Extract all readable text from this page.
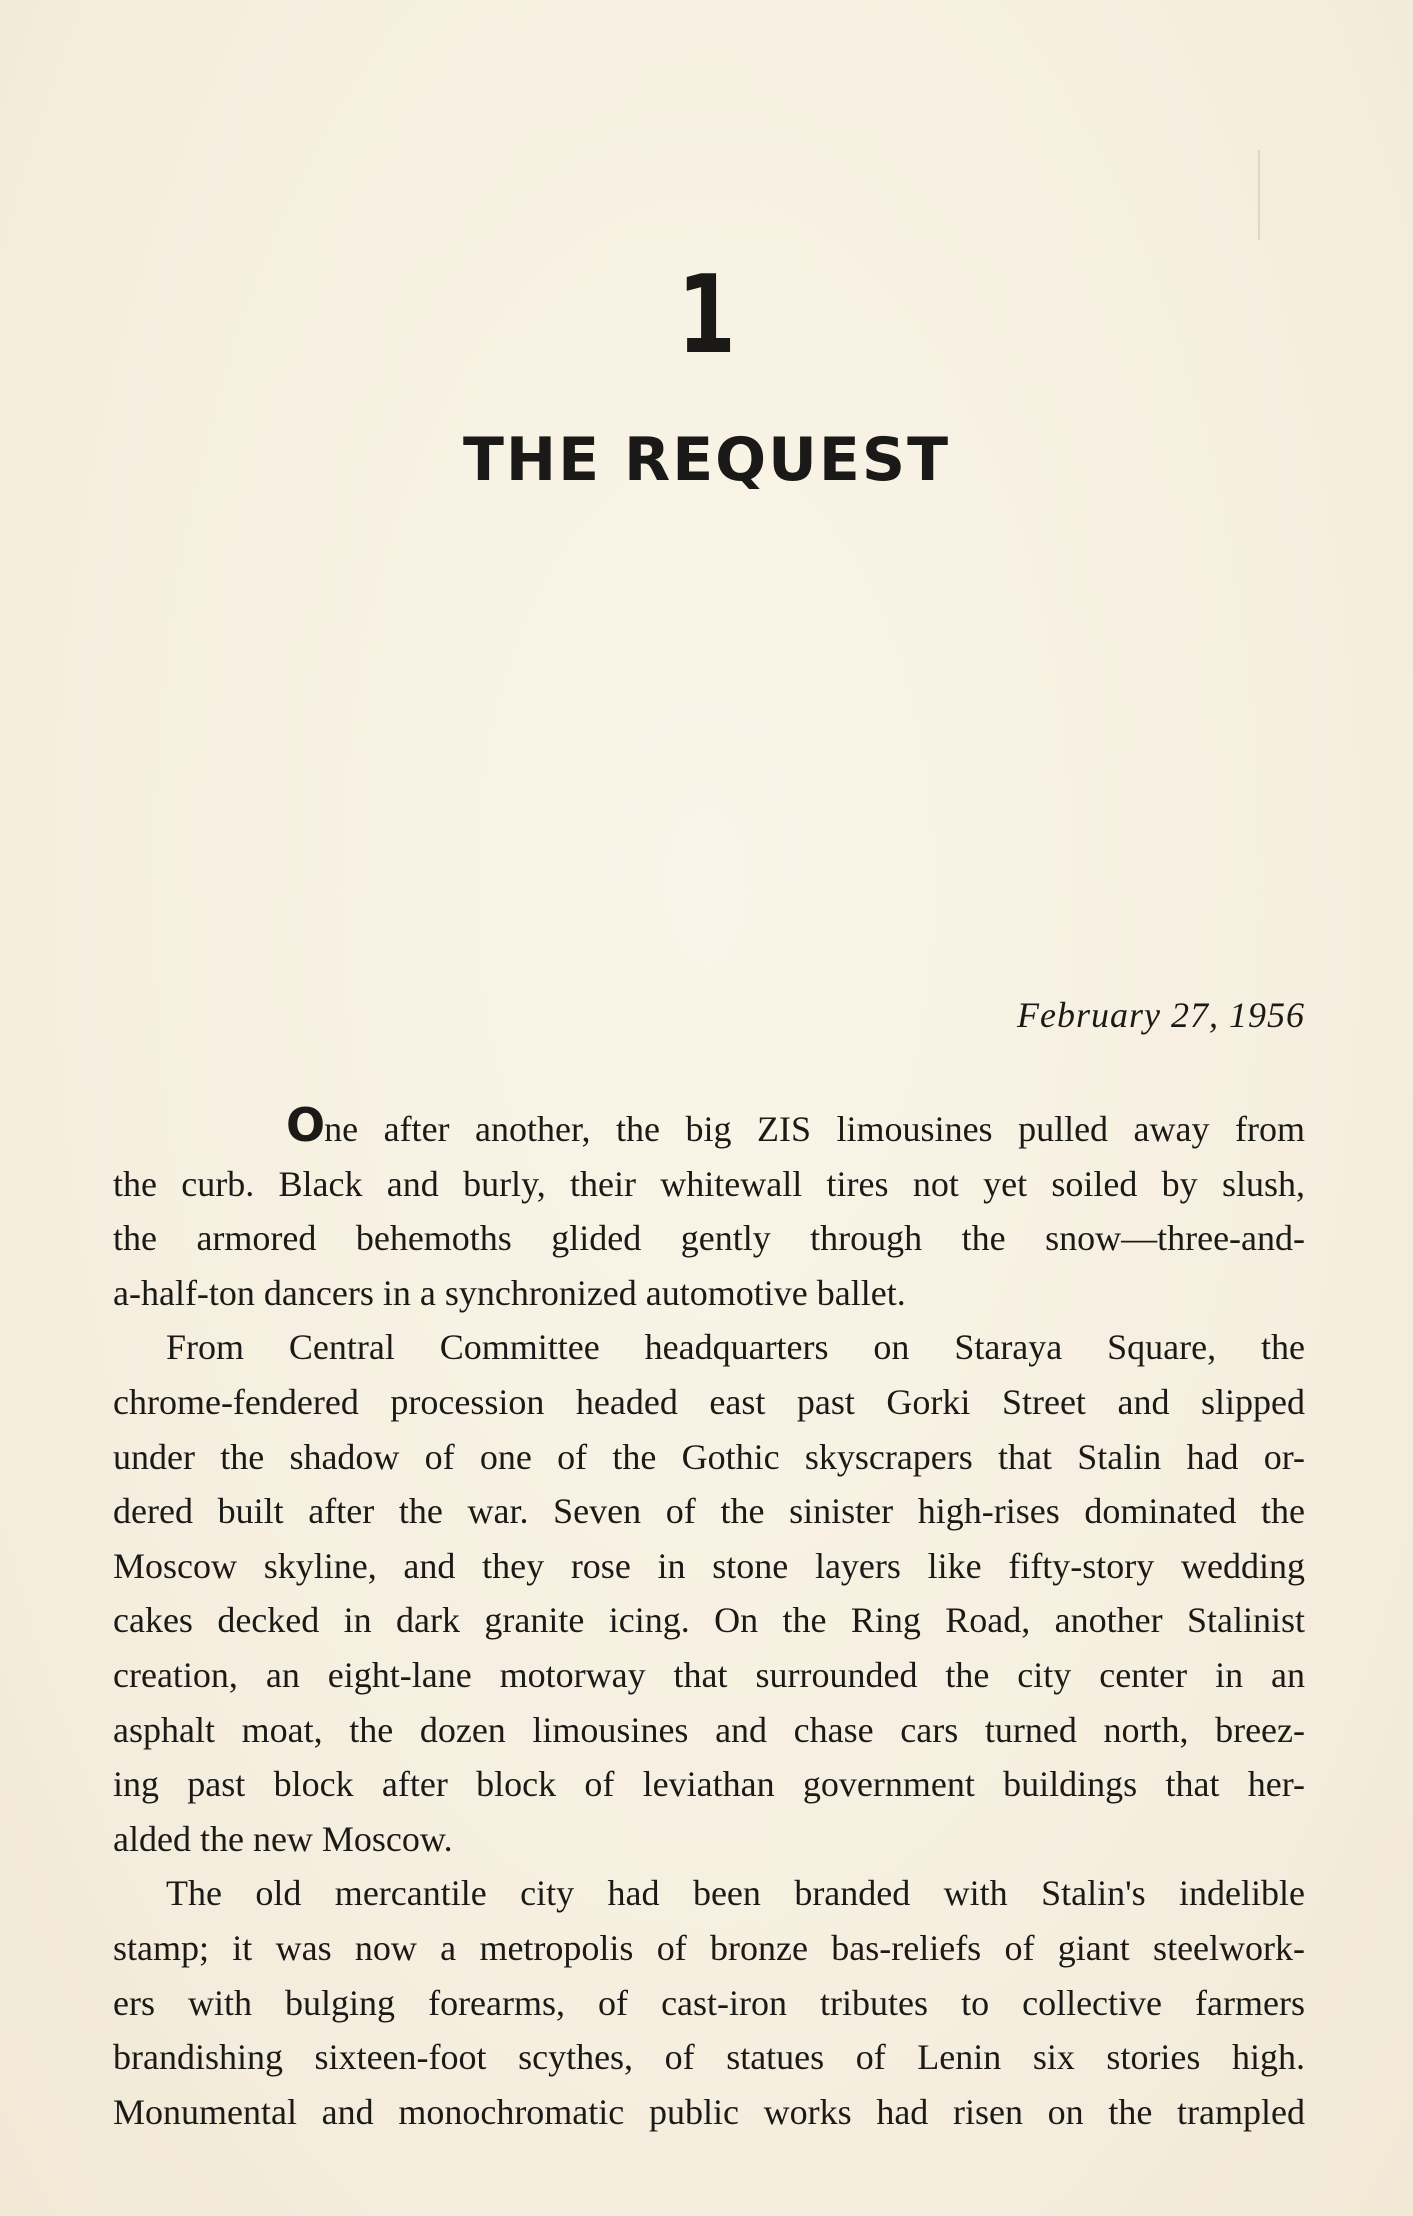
1
THE REQUEST
February 27, 1956
One after another, the big ZIS limousines pulled away from
the curb. Black and burly, their whitewall tires not yet soiled by slush,
the armored behemoths glided gently through the snow—three-and-
a-half-ton dancers in a synchronized automotive ballet.
From Central Committee headquarters on Staraya Square, the
chrome-fendered procession headed east past Gorki Street and slipped
under the shadow of one of the Gothic skyscrapers that Stalin had or-
dered built after the war. Seven of the sinister high-rises dominated the
Moscow skyline, and they rose in stone layers like fifty-story wedding
cakes decked in dark granite icing. On the Ring Road, another Stalinist
creation, an eight-lane motorway that surrounded the city center in an
asphalt moat, the dozen limousines and chase cars turned north, breez-
ing past block after block of leviathan government buildings that her-
alded the new Moscow.
The old mercantile city had been branded with Stalin's indelible
stamp; it was now a metropolis of bronze bas-reliefs of giant steelwork-
ers with bulging forearms, of cast-iron tributes to collective farmers
brandishing sixteen-foot scythes, of statues of Lenin six stories high.
Monumental and monochromatic public works had risen on the trampled
